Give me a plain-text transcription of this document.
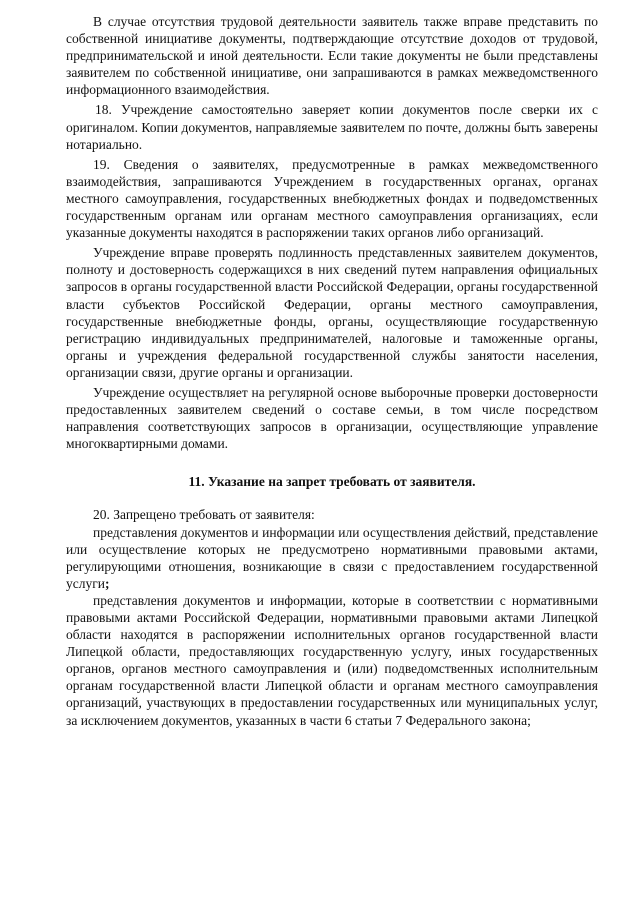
В случае отсутствия трудовой деятельности заявитель также вправе представить по собственной инициативе документы, подтверждающие отсутствие доходов от трудовой, предпринимательской и иной деятельности. Если такие документы не были представлены заявителем по собственной инициативе, они запрашиваются в рамках межведомственного информационного взаимодействия.

18. Учреждение самостоятельно заверяет копии документов после сверки их с оригиналом. Копии документов, направляемые заявителем по почте, должны быть заверены нотариально.

19. Сведения о заявителях, предусмотренные в рамках межведомственного взаимодействия, запрашиваются Учреждением в государственных органах, органах местного самоуправления, государственных внебюджетных фондах и подведомственных государственным органам или органам местного самоуправления организациях, если указанные документы находятся в распоряжении таких органов либо организаций.

Учреждение вправе проверять подлинность представленных заявителем документов, полноту и достоверность содержащихся в них сведений путем направления официальных запросов в органы государственной власти Российской Федерации, органы государственной власти субъектов Российской Федерации, органы местного самоуправления, государственные внебюджетные фонды, органы, осуществляющие государственную регистрацию индивидуальных предпринимателей, налоговые и таможенные органы, органы и учреждения федеральной государственной службы занятости населения, организации связи, другие органы и организации.

Учреждение осуществляет на регулярной основе выборочные проверки достоверности предоставленных заявителем сведений о составе семьи, в том числе посредством направления соответствующих запросов в организации, осуществляющие управление многоквартирными домами.

11. Указание на запрет требовать от заявителя.

20. Запрещено требовать от заявителя:

представления документов и информации или осуществления действий, представление или осуществление которых не предусмотрено нормативными правовыми актами, регулирующими отношения, возникающие в связи с предоставлением государственной услуги;

представления документов и информации, которые в соответствии с нормативными правовыми актами Российской Федерации, нормативными правовыми актами Липецкой области находятся в распоряжении исполнительных органов государственной власти Липецкой области, предоставляющих государственную услугу, иных государственных органов, органов местного самоуправления и (или) подведомственных исполнительным органам государственной власти Липецкой области и органам местного самоуправления организаций, участвующих в предоставлении государственных или муниципальных услуг, за исключением документов, указанных в части 6 статьи 7 Федерального закона;
